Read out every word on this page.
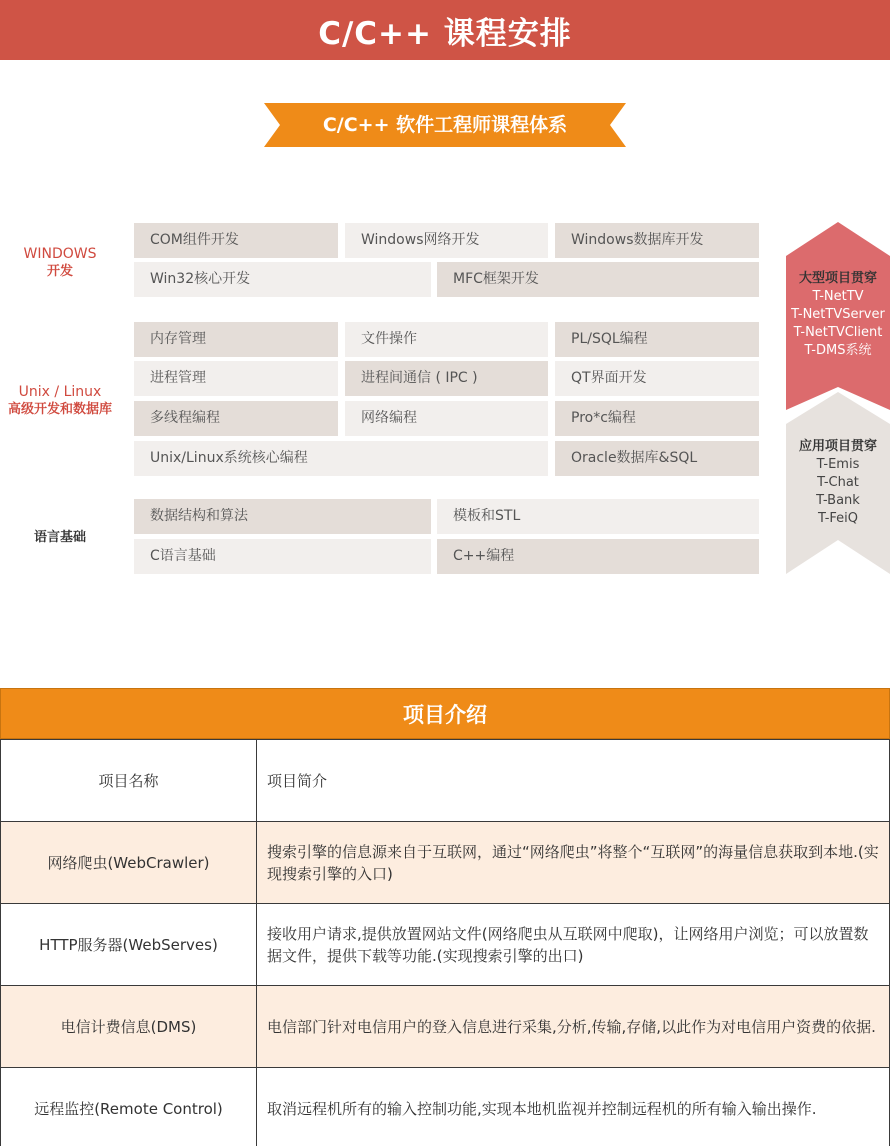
C/C++ 课程安排
C/C++ 软件工程师课程体系
WINDOWS
开发
Unix / Linux
高级开发和数据库
语言基础
COM组件开发	Windows网络开发	Windows数据库开发
Win32核心开发	MFC框架开发
内存管理	文件操作	PL/SQL编程
进程管理	进程间通信 ( IPC )	QT界面开发
多线程编程	网络编程	Pro*c编程
Unix/Linux系统核心编程	Oracle数据库&SQL
数据结构和算法	模板和STL
C语言基础	C++编程
大型项目贯穿
T-NetTV
T-NetTVServer
T-NetTVClient
T-DMS系统
应用项目贯穿
T-Emis
T-Chat
T-Bank
T-FeiQ
项目介绍
项目名称	项目简介
网络爬虫(WebCrawler)	搜索引擎的信息源来自于互联网，通过“网络爬虫”将整个“互联网”的海量信息获取到本地.(实现搜索引擎的入口)
HTTP服务器(WebServes)	接收用户请求,提供放置网站文件(网络爬虫从互联网中爬取)，让网络用户浏览；可以放置数据文件，提供下载等功能.(实现搜索引擎的出口)
电信计费信息(DMS)	电信部门针对电信用户的登入信息进行采集,分析,传输,存储,以此作为对电信用户资费的依据.
远程监控(Remote Control)	取消远程机所有的输入控制功能,实现本地机监视并控制远程机的所有输入输出操作.
